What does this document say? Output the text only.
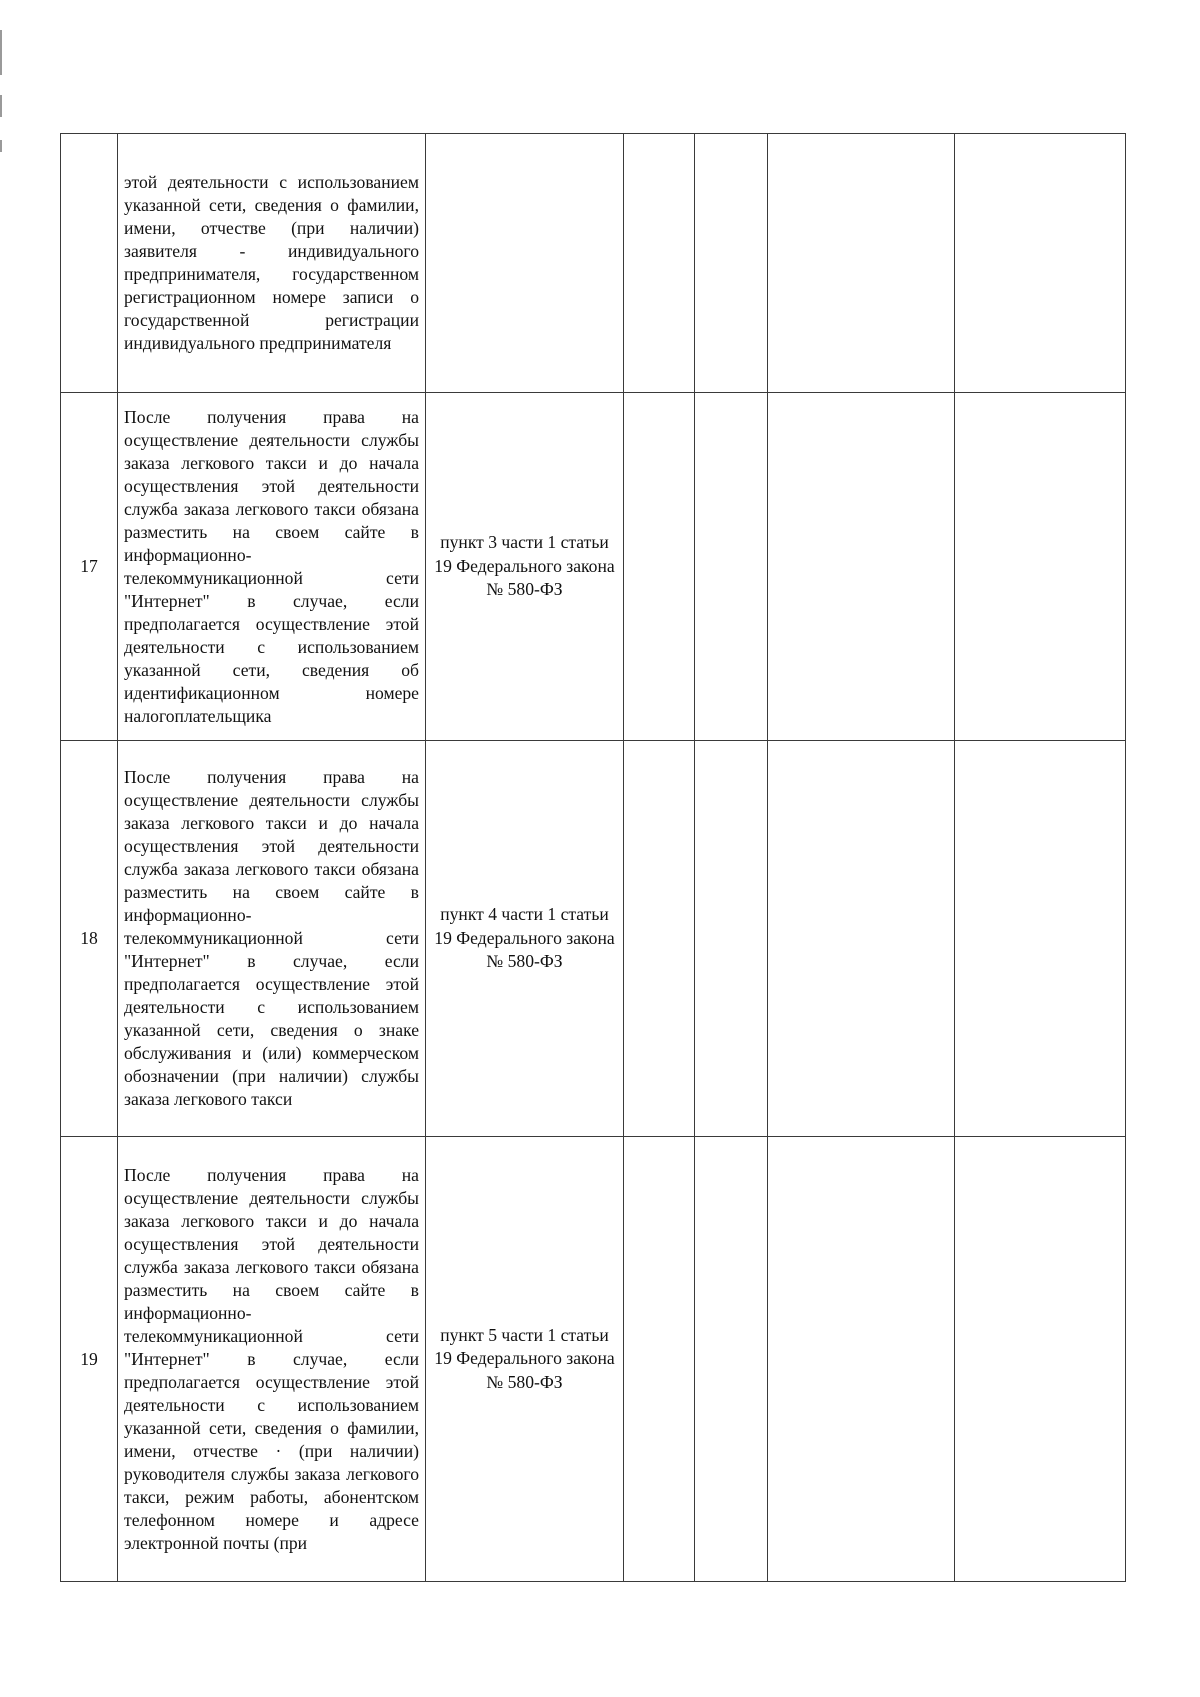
	этой деятельности с использованием указанной сети, сведения о фамилии, имени, отчестве (при наличии) заявителя - индивидуального предпринимателя, государственном регистрационном номере записи о государственной регистрации индивидуального предпринимателя					
17	После получения права на осуществление деятельности службы заказа легкового такси и до начала осуществления этой деятельности служба заказа легкового такси обязана разместить на своем сайте в информационно-телекоммуникационной сети "Интернет" в случае, если предполагается осуществление этой деятельности с использованием указанной сети, сведения об идентификационном номере налогоплательщика	пункт 3 части 1 статьи 19 Федерального закона № 580-ФЗ				
18	После получения права на осуществление деятельности службы заказа легкового такси и до начала осуществления этой деятельности служба заказа легкового такси обязана разместить на своем сайте в информационно-телекоммуникационной сети "Интернет" в случае, если предполагается осуществление этой деятельности с использованием указанной сети, сведения о знаке обслуживания и (или) коммерческом обозначении (при наличии) службы заказа легкового такси	пункт 4 части 1 статьи 19 Федерального закона № 580-ФЗ				
19	После получения права на осуществление деятельности службы заказа легкового такси и до начала осуществления этой деятельности служба заказа легкового такси обязана разместить на своем сайте в информационно-телекоммуникационной сети "Интернет" в случае, если предполагается осуществление этой деятельности с использованием указанной сети, сведения о фамилии, имени, отчестве · (при наличии) руководителя службы заказа легкового такси, режим работы, абонентском телефонном номере и адресе электронной почты (при	пункт 5 части 1 статьи 19 Федерального закона № 580-ФЗ				
